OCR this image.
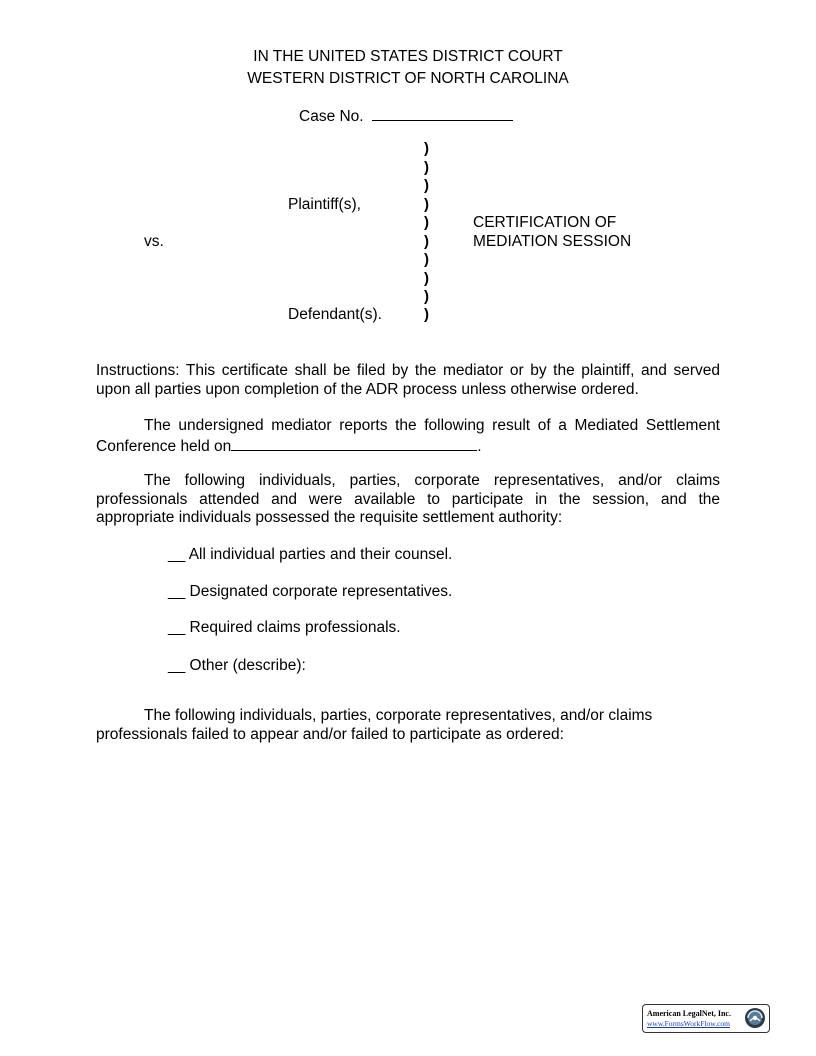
IN THE UNITED STATES DISTRICT COURT
WESTERN DISTRICT OF NORTH CAROLINA
Case No.
Plaintiff(s),
vs.
Defendant(s).
)
)
)
)
)
)
)
)
)
)
CERTIFICATION OF
MEDIATION SESSION
Instructions: This certificate shall be filed by the mediator or by the plaintiff, and served upon all parties upon completion of the ADR process unless otherwise ordered.
The undersigned mediator reports the following result of a Mediated Settlement Conference held on	.
The following individuals, parties, corporate representatives, and/or claims professionals attended and were available to participate in the session, and the appropriate individuals possessed the requisite settlement authority:
__ All individual parties and their counsel.
__ Designated corporate representatives.
__ Required claims professionals.
__ Other (describe):
The following individuals, parties, corporate representatives, and/or claims professionals failed to appear and/or failed to participate as ordered:
American LegalNet, Inc.
www.FormsWorkFlow.com
